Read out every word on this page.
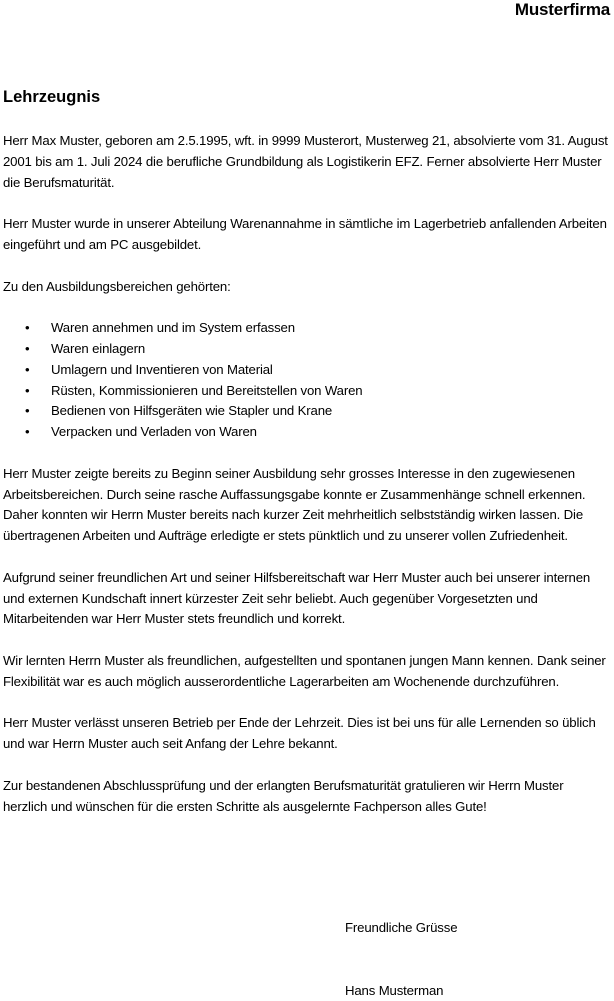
Musterfirma
Lehrzeugnis

Herr Max Muster, geboren am 2.5.1995, wft. in 9999 Musterort, Musterweg 21, absolvierte vom 31. August 2001 bis am 1. Juli 2024 die berufliche Grundbildung als Logistikerin EFZ. Ferner absolvierte Herr Muster die Berufsmaturität.

Herr Muster wurde in unserer Abteilung Warenannahme in sämtliche im Lagerbetrieb anfallenden Arbeiten eingeführt und am PC ausgebildet.

Zu den Ausbildungsbereichen gehörten:

• Waren annehmen und im System erfassen
• Waren einlagern
• Umlagern und Inventieren von Material
• Rüsten, Kommissionieren und Bereitstellen von Waren
• Bedienen von Hilfsgeräten wie Stapler und Krane
• Verpacken und Verladen von Waren

Herr Muster zeigte bereits zu Beginn seiner Ausbildung sehr grosses Interesse in den zugewiesenen Arbeitsbereichen. Durch seine rasche Auffassungsgabe konnte er Zusammenhänge schnell erkennen. Daher konnten wir Herrn Muster bereits nach kurzer Zeit mehrheitlich selbstständig wirken lassen. Die übertragenen Arbeiten und Aufträge erledigte er stets pünktlich und zu unserer vollen Zufriedenheit.

Aufgrund seiner freundlichen Art und seiner Hilfsbereitschaft war Herr Muster auch bei unserer internen und externen Kundschaft innert kürzester Zeit sehr beliebt. Auch gegenüber Vorgesetzten und Mitarbeitenden war Herr Muster stets freundlich und korrekt.

Wir lernten Herrn Muster als freundlichen, aufgestellten und spontanen jungen Mann kennen. Dank seiner Flexibilität war es auch möglich ausserordentliche Lagerarbeiten am Wochenende durchzuführen.

Herr Muster verlässt unseren Betrieb per Ende der Lehrzeit. Dies ist bei uns für alle Lernenden so üblich und war Herrn Muster auch seit Anfang der Lehre bekannt.

Zur bestandenen Abschlussprüfung und der erlangten Berufsmaturität gratulieren wir Herrn Muster herzlich und wünschen für die ersten Schritte als ausgelernte Fachperson alles Gute!

Freundliche Grüsse
Hans Musterman
